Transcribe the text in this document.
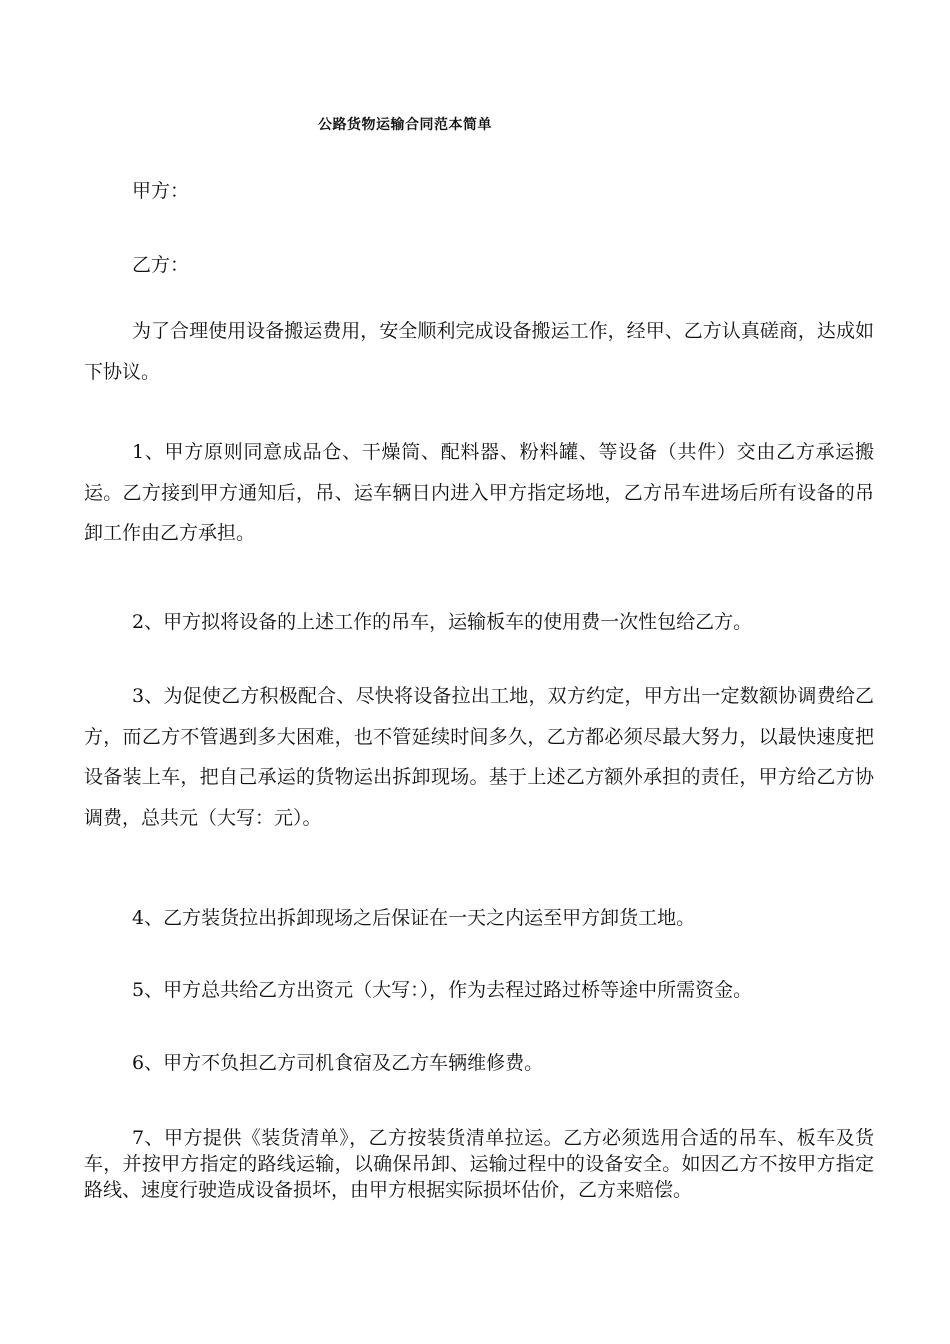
公路货物运输合同范本简单
甲方：
乙方：

为了合理使用设备搬运费用，安全顺利完成设备搬运工作，经甲、乙方认真磋商，达成如下协议。

1、甲方原则同意成品仓、干燥筒、配料器、粉料罐、等设备（共件）交由乙方承运搬运。乙方接到甲方通知后，吊、运车辆日内进入甲方指定场地，乙方吊车进场后所有设备的吊卸工作由乙方承担。

2、甲方拟将设备的上述工作的吊车，运输板车的使用费一次性包给乙方。

3、为促使乙方积极配合、尽快将设备拉出工地，双方约定，甲方出一定数额协调费给乙方，而乙方不管遇到多大困难，也不管延续时间多久，乙方都必须尽最大努力，以最快速度把设备装上车，把自己承运的货物运出拆卸现场。基于上述乙方额外承担的责任，甲方给乙方协调费，总共元（大写：元）。

4、乙方装货拉出拆卸现场之后保证在一天之内运至甲方卸货工地。

5、甲方总共给乙方出资元（大写：），作为去程过路过桥等途中所需资金。

6、甲方不负担乙方司机食宿及乙方车辆维修费。

7、甲方提供《装货清单》，乙方按装货清单拉运。乙方必须选用合适的吊车、板车及货车，并按甲方指定的路线运输，以确保吊卸、运输过程中的设备安全。如因乙方不按甲方指定路线、速度行驶造成设备损坏，由甲方根据实际损坏估价，乙方来赔偿。
